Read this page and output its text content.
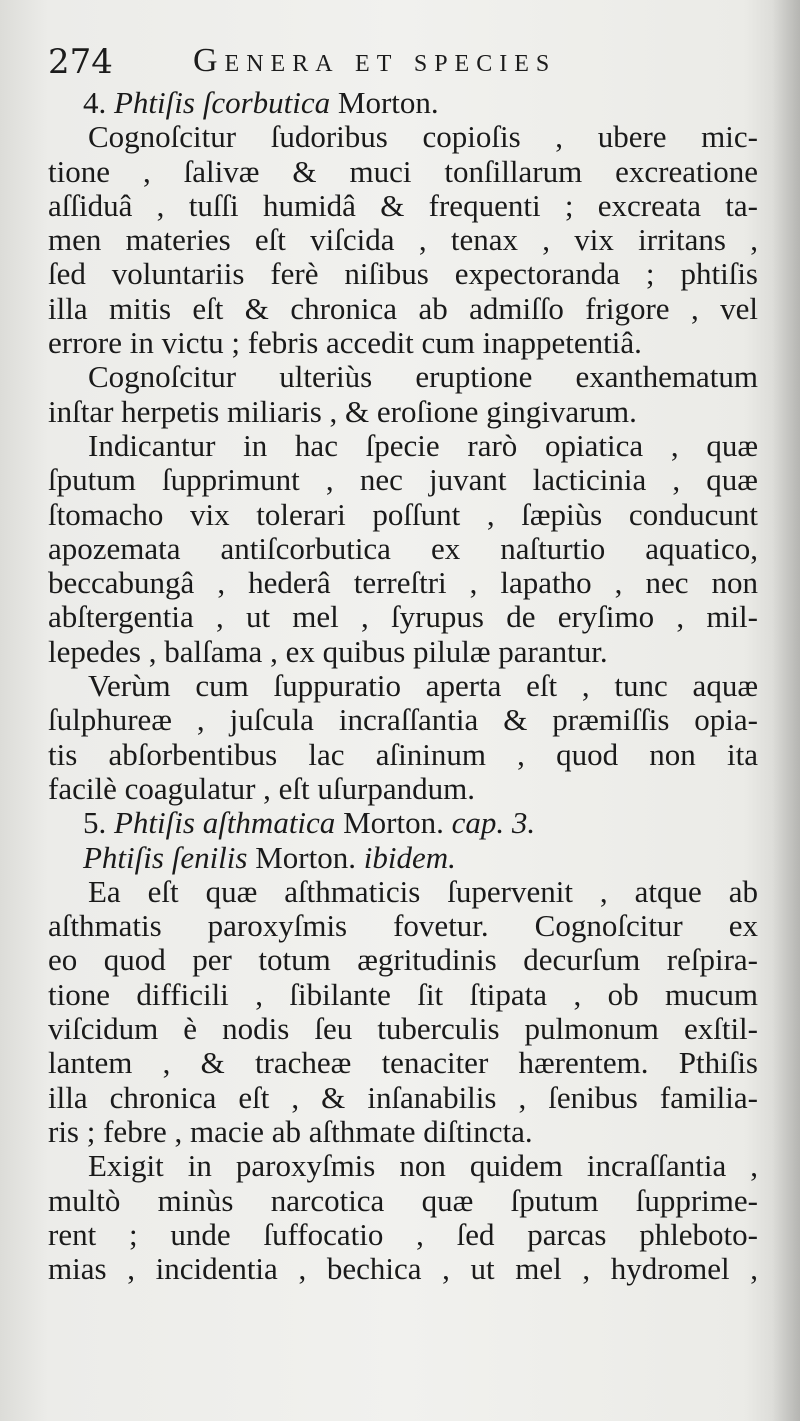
274 Genera et species
4. Phtiſis ſcorbutica Morton.
Cognoſcitur ſudoribus copioſis , ubere mic-
tione , ſalivæ & muci tonſillarum excreatione
aſſiduâ , tuſſi humidâ & frequenti ; excreata ta-
men materies eſt viſcida , tenax , vix irritans ,
ſed voluntariis ferè niſibus expectoranda ; phtiſis
illa mitis eſt & chronica ab admiſſo frigore , vel
errore in victu ; febris accedit cum inappetentiâ.
Cognoſcitur ulteriùs eruptione exanthematum
inſtar herpetis miliaris , & eroſione gingivarum.
Indicantur in hac ſpecie rarò opiatica , quæ
ſputum ſupprimunt , nec juvant lacticinia , quæ
ſtomacho vix tolerari poſſunt , ſæpiùs conducunt
apozemata antiſcorbutica ex naſturtio aquatico,
beccabungâ , hederâ terreſtri , lapatho , nec non
abſtergentia , ut mel , ſyrupus de eryſimo , mil-
lepedes , balſama , ex quibus pilulæ parantur.
Verùm cum ſuppuratio aperta eſt , tunc aquæ
ſulphureæ , juſcula incraſſantia & præmiſſis opia-
tis abſorbentibus lac aſininum , quod non ita
facilè coagulatur , eſt uſurpandum.
5. Phtiſis aſthmatica Morton. cap. 3.
Phtiſis ſenilis Morton. ibidem.
Ea eſt quæ aſthmaticis ſupervenit , atque ab
aſthmatis paroxyſmis fovetur. Cognoſcitur ex
eo quod per totum ægritudinis decurſum reſpira-
tione difficili , ſibilante ſit ſtipata , ob mucum
viſcidum è nodis ſeu tuberculis pulmonum exſtil-
lantem , & tracheæ tenaciter hærentem. Pthiſis
illa chronica eſt , & inſanabilis , ſenibus familia-
ris ; febre , macie ab aſthmate diſtincta.
Exigit in paroxyſmis non quidem incraſſantia ,
multò minùs narcotica quæ ſputum ſupprime-
rent ; unde ſuffocatio , ſed parcas phleboto-
mias , incidentia , bechica , ut mel , hydromel ,
